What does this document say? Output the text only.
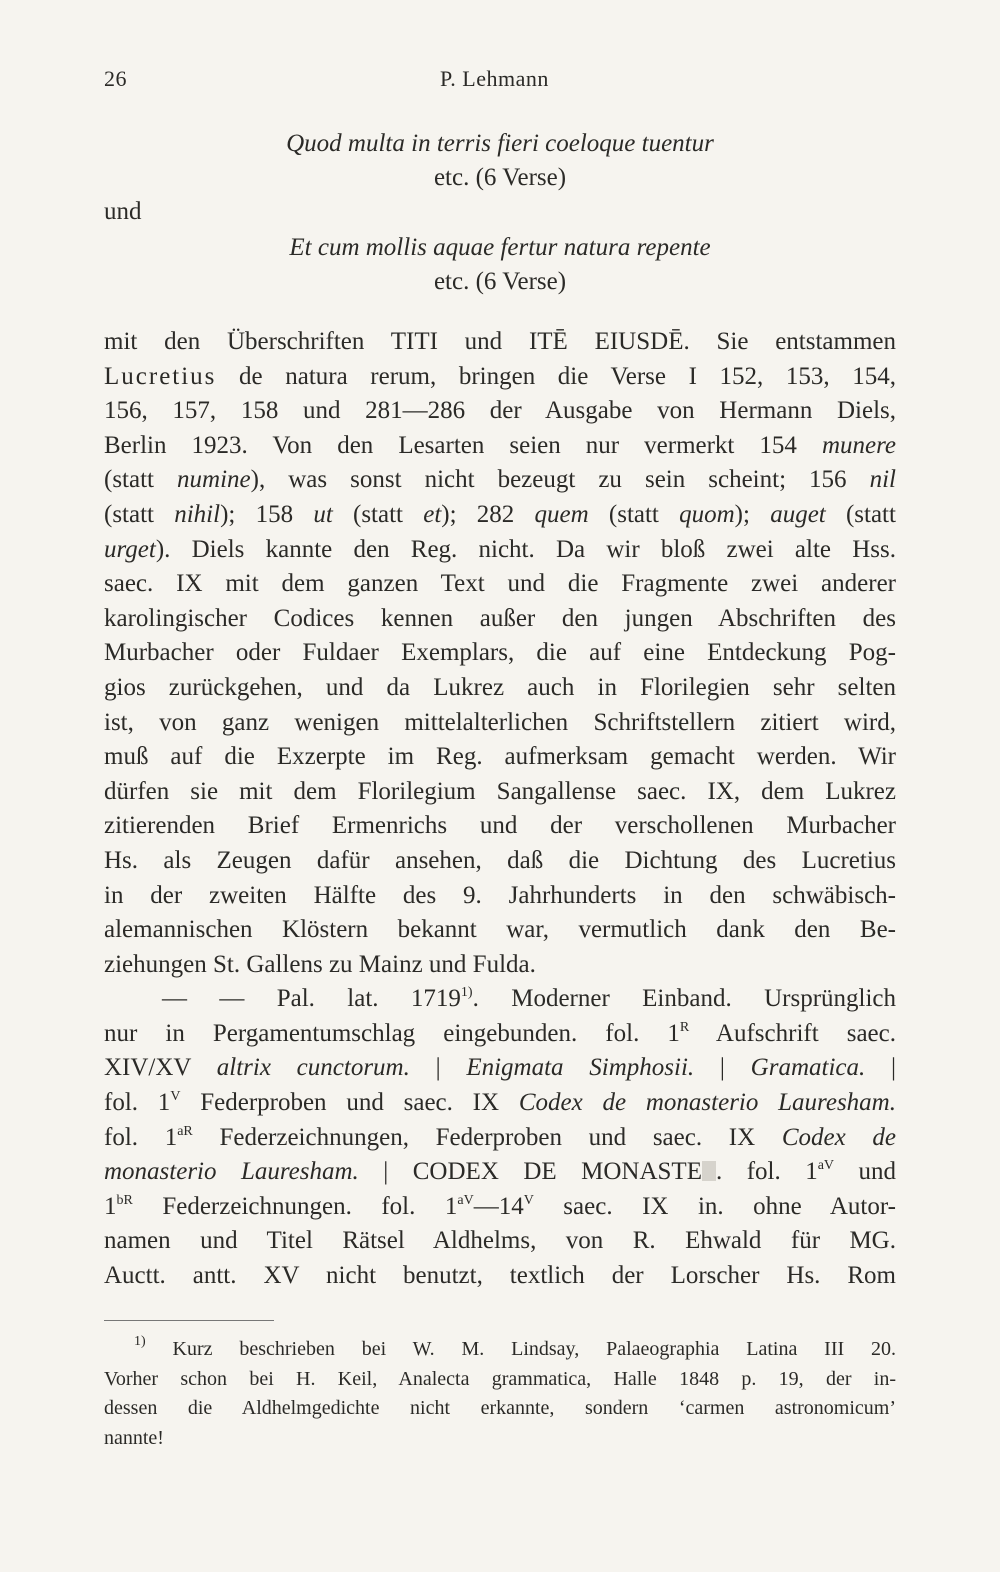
26	P. Lehmann
Quod multa in terris fieri coeloque tuentur
etc. (6 Verse)
und
Et cum mollis aquae fertur natura repente
etc. (6 Verse)
mit den Überschriften TITI und ITĒ EIUSDĒ. Sie entstammen
Lucretius de natura rerum, bringen die Verse I 152, 153, 154,
156, 157, 158 und 281—286 der Ausgabe von Hermann Diels,
Berlin 1923. Von den Lesarten seien nur vermerkt 154 munere
(statt numine), was sonst nicht bezeugt zu sein scheint; 156 nil
(statt nihil); 158 ut (statt et); 282 quem (statt quom); auget (statt
urget). Diels kannte den Reg. nicht. Da wir bloß zwei alte Hss.
saec. IX mit dem ganzen Text und die Fragmente zwei anderer
karolingischer Codices kennen außer den jungen Abschriften des
Murbacher oder Fuldaer Exemplars, die auf eine Entdeckung Pog-
gios zurückgehen, und da Lukrez auch in Florilegien sehr selten
ist, von ganz wenigen mittelalterlichen Schriftstellern zitiert wird,
muß auf die Exzerpte im Reg. aufmerksam gemacht werden. Wir
dürfen sie mit dem Florilegium Sangallense saec. IX, dem Lukrez
zitierenden Brief Ermenrichs und der verschollenen Murbacher
Hs. als Zeugen dafür ansehen, daß die Dichtung des Lucretius
in der zweiten Hälfte des 9. Jahrhunderts in den schwäbisch-
alemannischen Klöstern bekannt war, vermutlich dank den Be-
ziehungen St. Gallens zu Mainz und Fulda.
— — Pal. lat. 1719$^{1)}$. Moderner Einband. Ursprünglich
nur in Pergamentumschlag eingebunden. fol. $1^R$ Aufschrift saec.
XIV/XV altrix cunctorum. | Enigmata Simphosii. | Gramatica. |
fol. $1^V$ Federproben und saec. IX Codex de monasterio Lauresham.
fol. $1^{aR}$ Federzeichnungen, Federproben und saec. IX Codex de
monasterio Lauresham. | CODEX DE MONASTE . fol. $1^{aV}$ und
$1^{bR}$ Federzeichnungen. fol. $1^{aV}—14^V$ saec. IX in. ohne Autor-
namen und Titel Rätsel Aldhelms, von R. Ehwald für MG.
Auctt. antt. XV nicht benutzt, textlich der Lorscher Hs. Rom
$^{1)}$ Kurz beschrieben bei W. M. Lindsay, Palaeographia Latina III 20.
Vorher schon bei H. Keil, Analecta grammatica, Halle 1848 p. 19, der in-
dessen die Aldhelmgedichte nicht erkannte, sondern ‘carmen astronomicum’
nannte!
